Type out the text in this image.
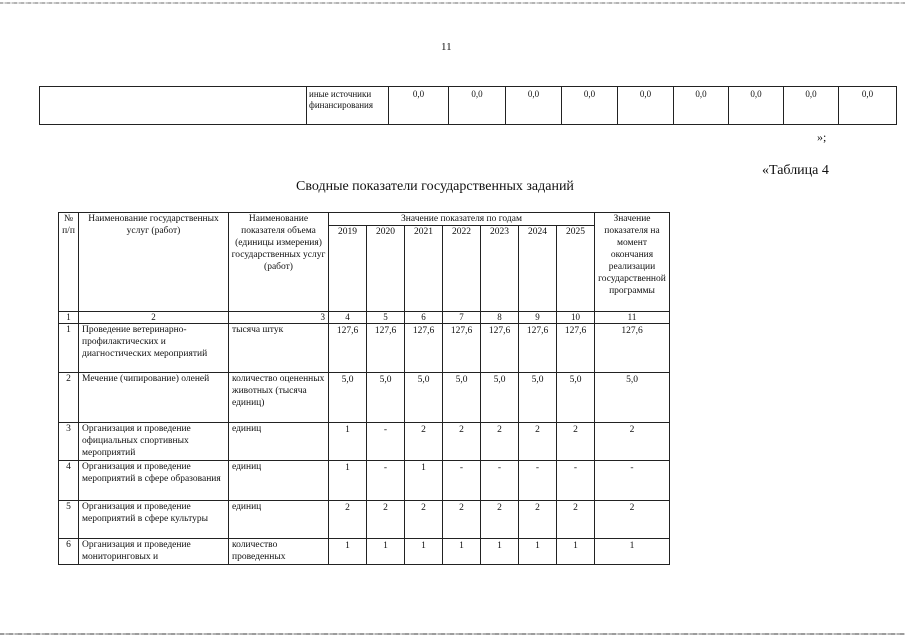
11
	иные источники финансирования	0,0	0,0	0,0	0,0	0,0	0,0	0,0	0,0	0,0
»;
«Таблица 4
Сводные показатели государственных заданий
№ п/п	Наименование государственных услуг (работ)	Наименование показателя объема (единицы измерения) государственных услуг (работ)	Значение показателя по годам							Значение показателя на момент окончания реализации государственной программы
			2019	2020	2021	2022	2023	2024	2025	
1	2	3	4	5	6	7	8	9	10	11
1	Проведение ветеринарно-профилактических и диагностических мероприятий	тысяча штук	127,6	127,6	127,6	127,6	127,6	127,6	127,6	127,6
2	Мечение (чипирование) оленей	количество оцененных животных (тысяча единиц)	5,0	5,0	5,0	5,0	5,0	5,0	5,0	5,0
3	Организация и проведение официальных спортивных мероприятий	единиц	1	-	2	2	2	2	2	2
4	Организация и проведение мероприятий в сфере образования	единиц	1	-	1	-	-	-	-	-
5	Организация и проведение мероприятий в сфере культуры	единиц	2	2	2	2	2	2	2	2
6	Организация и проведение мониторинговых и	количество проведенных	1	1	1	1	1	1	1	1
